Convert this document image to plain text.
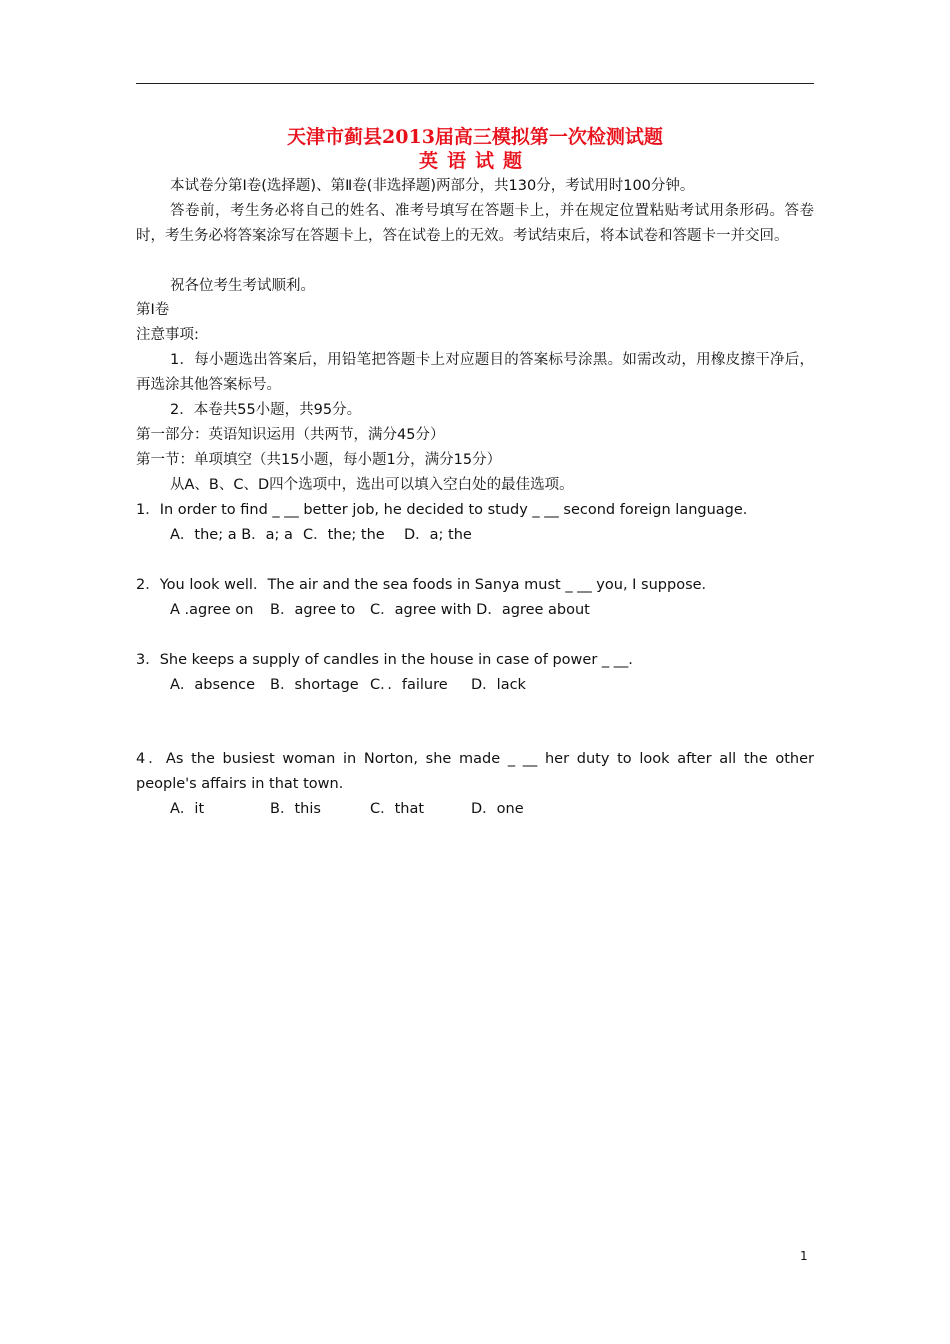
天津市蓟县2013届高三模拟第一次检测试题
英语试题
本试卷分第Ⅰ卷(选择题)、第Ⅱ卷(非选择题)两部分，共130分，考试用时100分钟。
答卷前，考生务必将自己的姓名、准考号填写在答题卡上，并在规定位置粘贴考试用条形码。答卷时，考生务必将答案涂写在答题卡上，答在试卷上的无效。考试结束后，将本试卷和答题卡一并交回。
祝各位考生考试顺利。
第I卷
注意事项:
1．每小题选出答案后，用铅笔把答题卡上对应题目的答案标号涂黑。如需改动，用橡皮擦干净后，再选涂其他答案标号。
2．本卷共55小题，共95分。
第一部分：英语知识运用（共两节，满分45分）
第一节：单项填空（共15小题，每小题1分，满分15分）
从A、B、C、D四个选项中，选出可以填入空白处的最佳选项。
1．In order to find _ __ better job, he decided to study _ __ second foreign language．
A．the; a B．a; a C．the; the D．a; the
2．You look well．The air and the sea foods in Sanya must _ __ you, I suppose．
A .agree on B．agree to C．agree with D．agree about
3．She keeps a supply of candles in the house in case of power _ __.
A．absence B．shortage C．．failure D．lack
4．As the busiest woman in Norton, she made _ __ her duty to look after all the other people's affairs in that town．
A．it	B．this	C．that	D．one
1
